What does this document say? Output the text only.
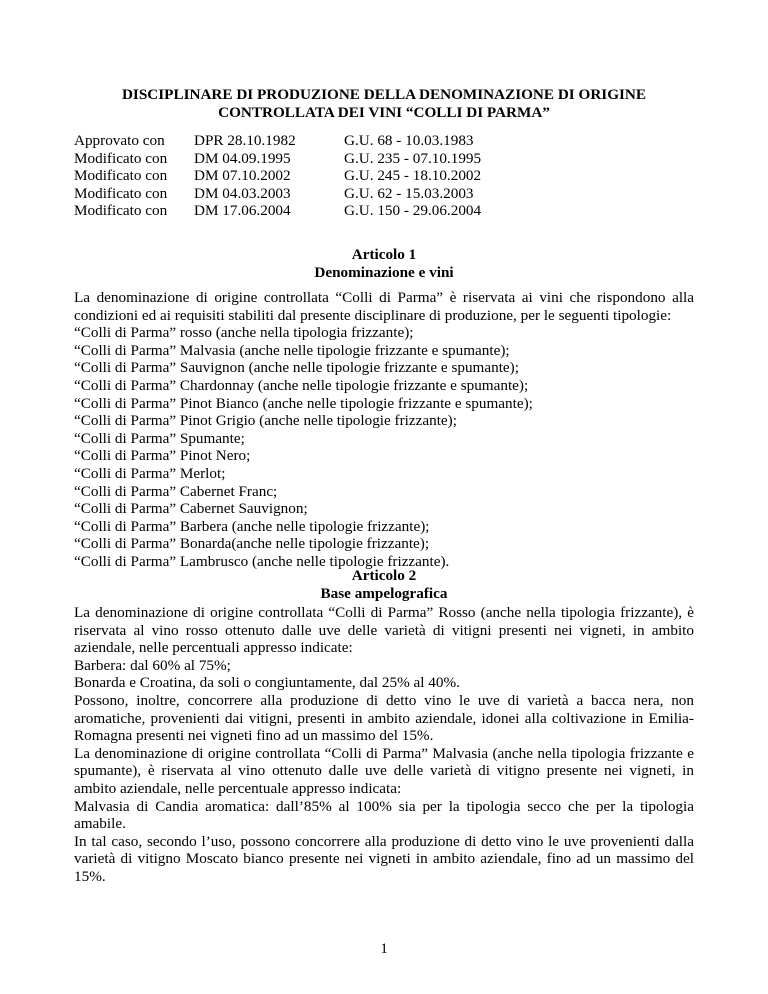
DISCIPLINARE DI PRODUZIONE DELLA DENOMINAZIONE DI ORIGINE
CONTROLLATA DEI VINI “COLLI DI PARMA”
Approvato con	DPR 28.10.1982	G.U. 68 - 10.03.1983
Modificato con	DM 04.09.1995	G.U. 235 - 07.10.1995
Modificato con	DM 07.10.2002	G.U. 245 - 18.10.2002
Modificato con	DM 04.03.2003	G.U. 62 - 15.03.2003
Modificato con	DM 17.06.2004	G.U. 150 - 29.06.2004
Articolo 1
Denominazione e vini

La denominazione di origine controllata “Colli di Parma” è riservata ai vini che rispondono alla condizioni ed ai requisiti stabiliti dal presente disciplinare di produzione, per le seguenti tipologie:

“Colli di Parma” rosso (anche nella tipologia frizzante);
“Colli di Parma” Malvasia (anche nelle tipologie frizzante e spumante);
“Colli di Parma” Sauvignon (anche nelle tipologie frizzante e spumante);
“Colli di Parma” Chardonnay (anche nelle tipologie frizzante e spumante);
“Colli di Parma” Pinot Bianco (anche nelle tipologie frizzante e spumante);
“Colli di Parma” Pinot Grigio (anche nelle tipologie frizzante);
“Colli di Parma” Spumante;
“Colli di Parma” Pinot Nero;
“Colli di Parma” Merlot;
“Colli di Parma” Cabernet Franc;
“Colli di Parma” Cabernet Sauvignon;
“Colli di Parma” Barbera (anche nelle tipologie frizzante);
“Colli di Parma” Bonarda(anche nelle tipologie frizzante);
“Colli di Parma” Lambrusco (anche nelle tipologie frizzante).
Articolo 2
Base ampelografica

La denominazione di origine controllata “Colli di Parma” Rosso (anche nella tipologia frizzante), è riservata al vino rosso ottenuto dalle uve delle varietà di vitigni presenti nei vigneti, in ambito aziendale, nelle percentuali appresso indicate:

Barbera: dal 60% al 75%;

Bonarda e Croatina, da soli o congiuntamente, dal 25% al 40%.

Possono, inoltre, concorrere alla produzione di detto vino le uve di varietà a bacca nera, non aromatiche, provenienti dai vitigni, presenti in ambito aziendale, idonei alla coltivazione in Emilia-Romagna presenti nei vigneti fino ad un massimo del 15%.

La denominazione di origine controllata “Colli di Parma” Malvasia (anche nella tipologia frizzante e spumante), è riservata al vino ottenuto dalle uve delle varietà di vitigno presente nei vigneti, in ambito aziendale, nelle percentuale appresso indicata:

Malvasia di Candia aromatica: dall’85% al 100% sia per la tipologia secco che per la tipologia amabile.

In tal caso, secondo l’uso, possono concorrere alla produzione di detto vino le uve provenienti dalla varietà di vitigno Moscato bianco presente nei vigneti in ambito aziendale, fino ad un massimo del 15%.

1
